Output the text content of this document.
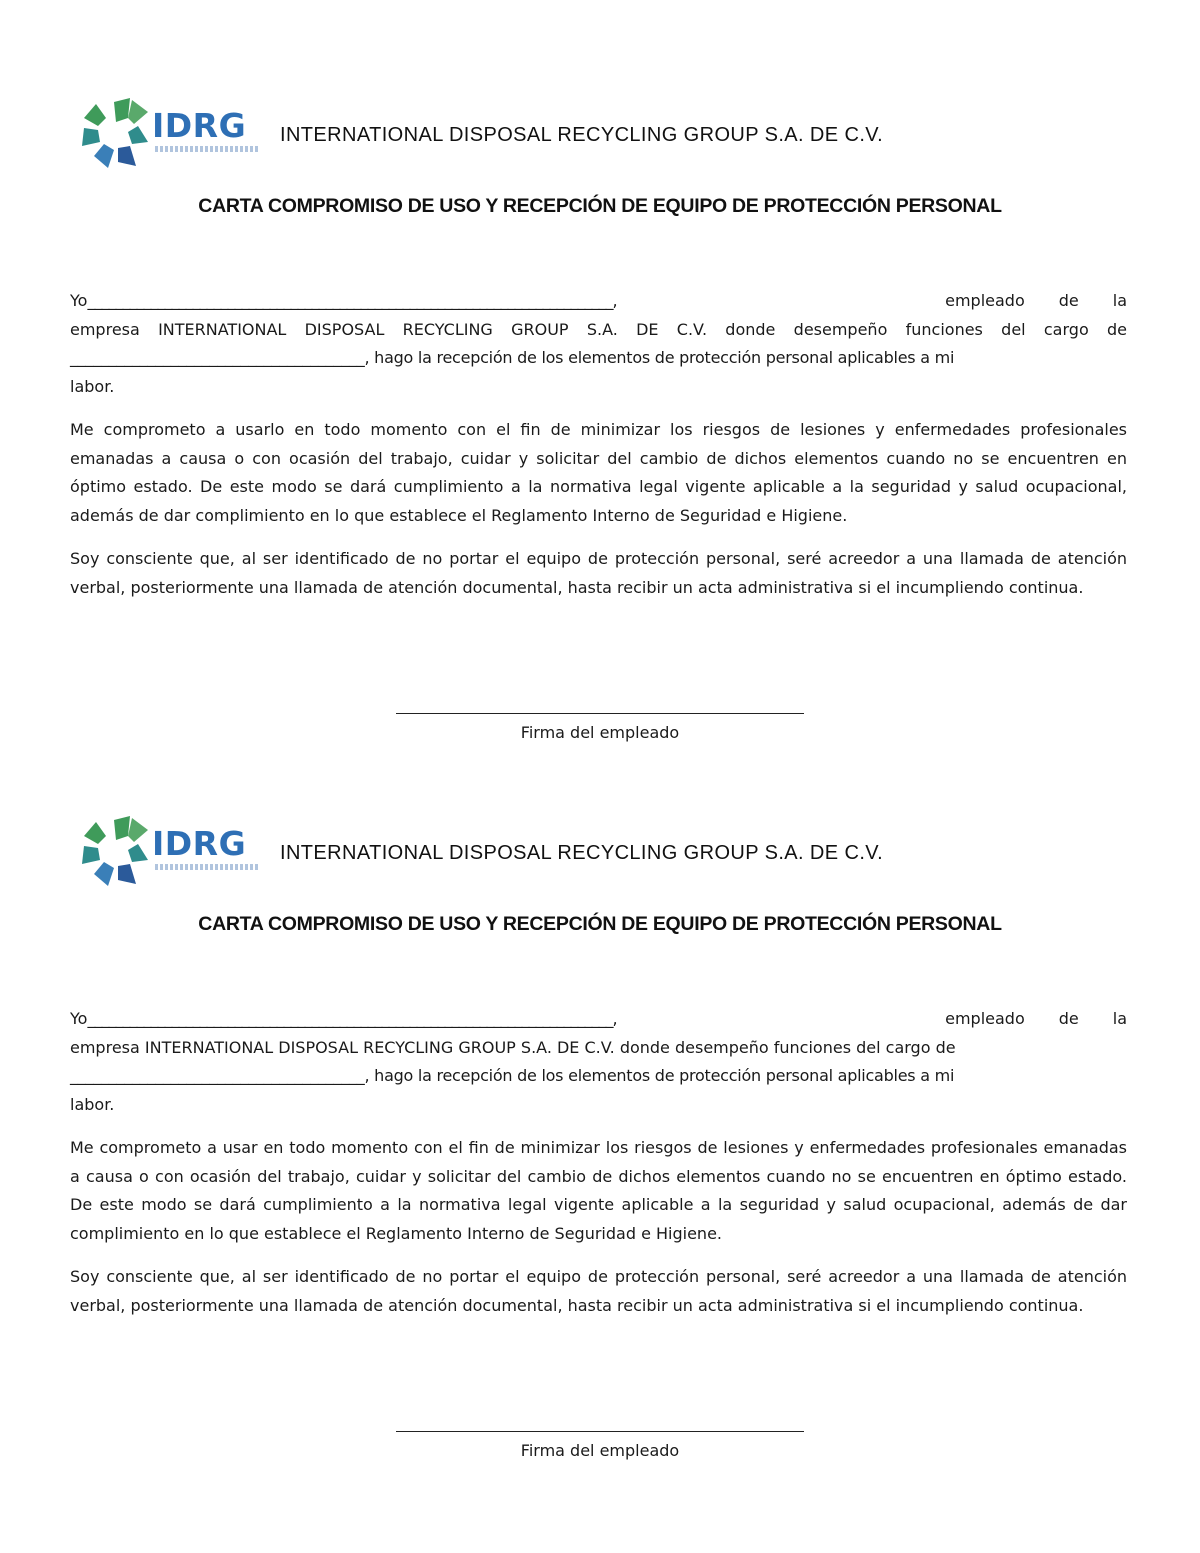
IDRG INTERNATIONAL DISPOSAL RECYCLING GROUP S.A. DE C.V.
CARTA COMPROMISO DE USO Y RECEPCIÓN DE EQUIPO DE PROTECCIÓN PERSONAL

Yo ___________________________________________________________________________,	empleado de la
empresa INTERNATIONAL DISPOSAL RECYCLING GROUP S.A. DE C.V. donde desempeño funciones del cargo de
______________________________________, hago la recepción de los elementos de protección personal aplicables a mi
labor.

Me comprometo a usarlo en todo momento con el fin de minimizar los riesgos de lesiones y enfermedades profesionales emanadas a causa o con ocasión del trabajo, cuidar y solicitar del cambio de dichos elementos cuando no se encuentren en óptimo estado. De este modo se dará cumplimiento a la normativa legal vigente aplicable a la seguridad y salud ocupacional, además de dar complimiento en lo que establece el Reglamento Interno de Seguridad e Higiene.

Soy consciente que, al ser identificado de no portar el equipo de protección personal, seré acreedor a una llamada de atención verbal, posteriormente una llamada de atención documental, hasta recibir un acta administrativa si el incumpliendo continua.

Firma del empleado
IDRG INTERNATIONAL DISPOSAL RECYCLING GROUP S.A. DE C.V.
CARTA COMPROMISO DE USO Y RECEPCIÓN DE EQUIPO DE PROTECCIÓN PERSONAL

Yo ___________________________________________________________________________,	empleado de la
empresa INTERNATIONAL DISPOSAL RECYCLING GROUP S.A. DE C.V. donde desempeño funciones del cargo de
______________________________________, hago la recepción de los elementos de protección personal aplicables a mi
labor.

Me comprometo a usar en todo momento con el fin de minimizar los riesgos de lesiones y enfermedades profesionales emanadas a causa o con ocasión del trabajo, cuidar y solicitar del cambio de dichos elementos cuando no se encuentren en óptimo estado. De este modo se dará cumplimiento a la normativa legal vigente aplicable a la seguridad y salud ocupacional, además de dar complimiento en lo que establece el Reglamento Interno de Seguridad e Higiene.

Soy consciente que, al ser identificado de no portar el equipo de protección personal, seré acreedor a una llamada de atención verbal, posteriormente una llamada de atención documental, hasta recibir un acta administrativa si el incumpliendo continua.

Firma del empleado
